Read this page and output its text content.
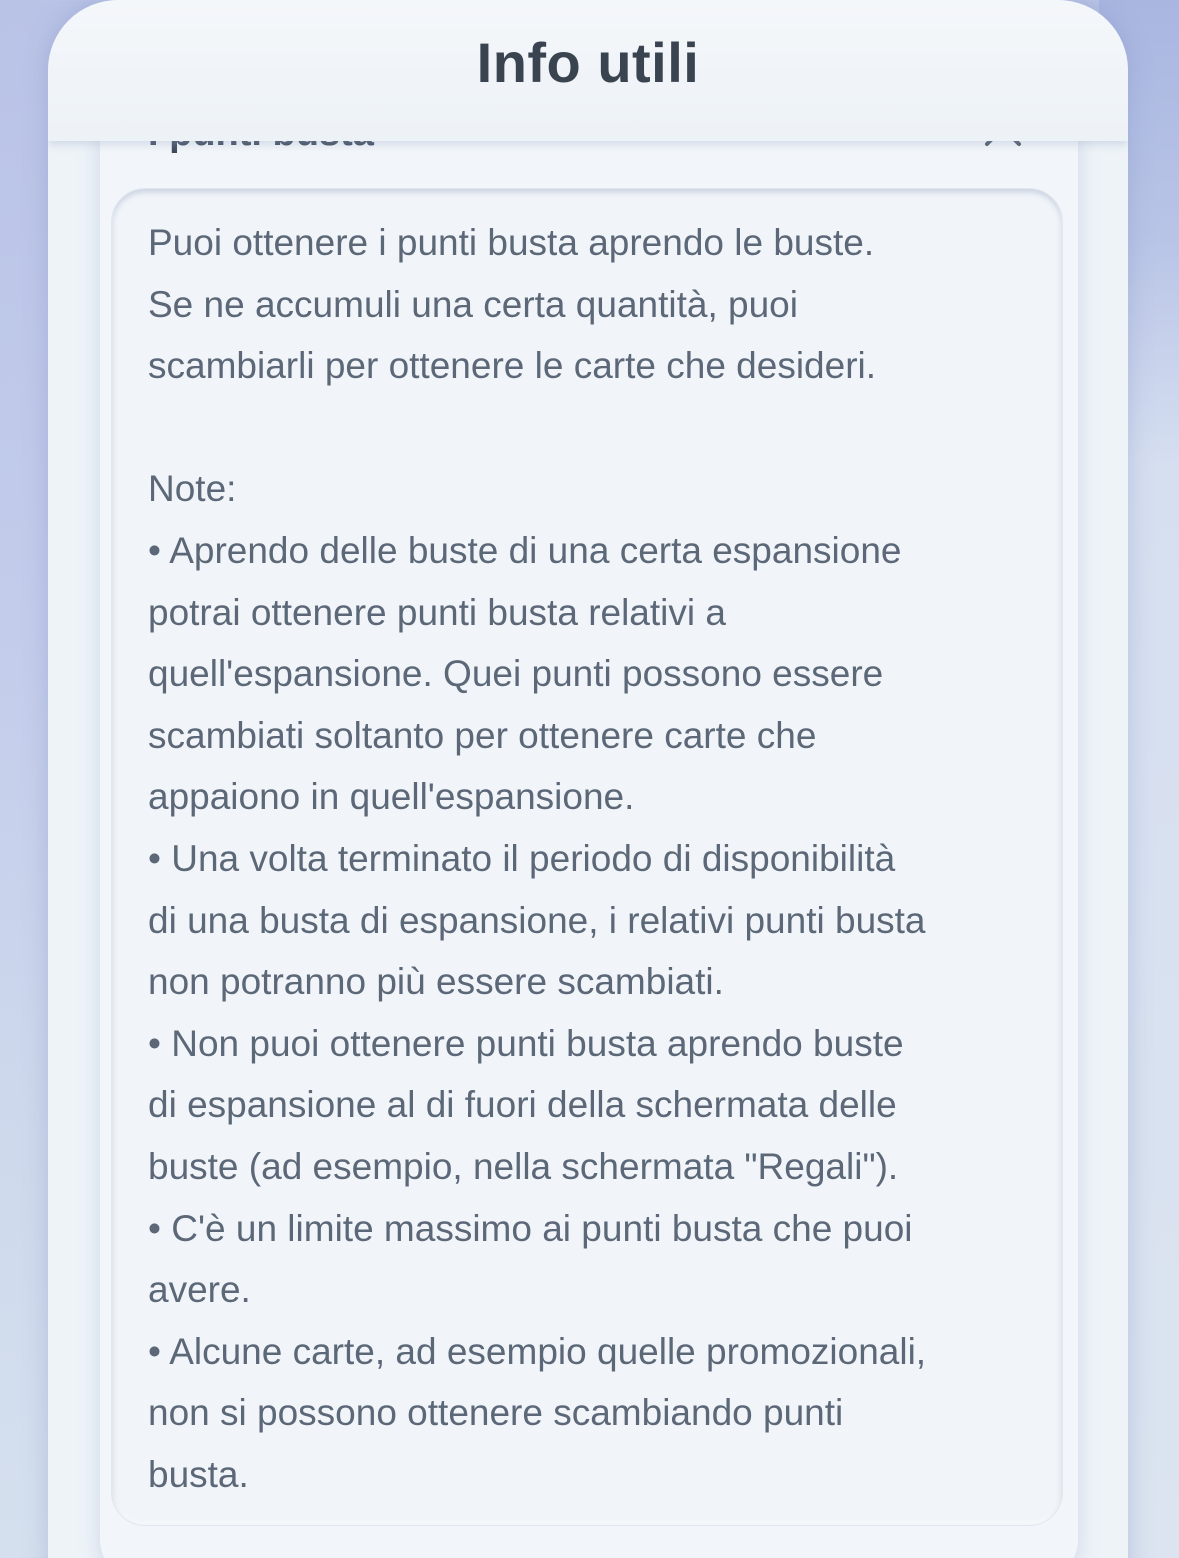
Puoi ottenere i punti busta aprendo le buste.
Se ne accumuli una certa quantità, puoi
scambiarli per ottenere le carte che desideri.

Note:
• Aprendo delle buste di una certa espansione
potrai ottenere punti busta relativi a
quell'espansione. Quei punti possono essere
scambiati soltanto per ottenere carte che
appaiono in quell'espansione.
• Una volta terminato il periodo di disponibilità
di una busta di espansione, i relativi punti busta
non potranno più essere scambiati.
• Non puoi ottenere punti busta aprendo buste
di espansione al di fuori della schermata delle
buste (ad esempio, nella schermata "Regali").
• C'è un limite massimo ai punti busta che puoi
avere.
• Alcune carte, ad esempio quelle promozionali,
non si possono ottenere scambiando punti
busta.
Info utili
